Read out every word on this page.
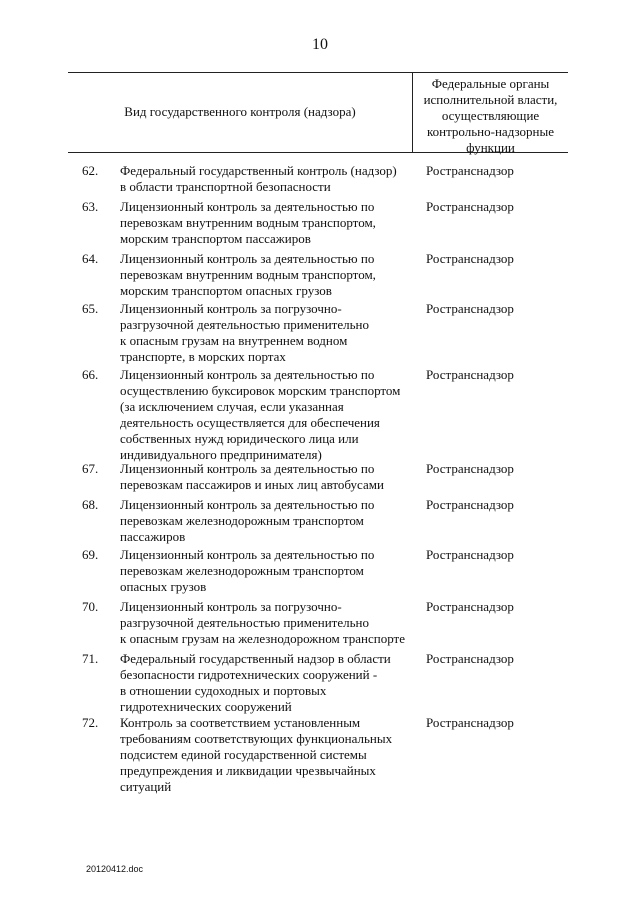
10
Вид государственного контроля (надзора)
Федеральные органы
исполнительной власти,
осуществляющие
контрольно-надзорные
функции
62.	Федеральный государственный контроль (надзор)
в области транспортной безопасности
Ространснадзор
63.	Лицензионный контроль за деятельностью по
перевозкам внутренним водным транспортом,
морским транспортом пассажиров
Ространснадзор
64.	Лицензионный контроль за деятельностью по
перевозкам внутренним водным транспортом,
морским транспортом опасных грузов
Ространснадзор
65.	Лицензионный контроль за погрузочно-
разгрузочной деятельностью применительно
к опасным грузам на внутреннем водном
транспорте, в морских портах
Ространснадзор
66.	Лицензионный контроль за деятельностью по
осуществлению буксировок морским транспортом
(за исключением случая, если указанная
деятельность осуществляется для обеспечения
собственных нужд юридического лица или
индивидуального предпринимателя)
Ространснадзор
67.	Лицензионный контроль за деятельностью по
перевозкам пассажиров и иных лиц автобусами
Ространснадзор
68.	Лицензионный контроль за деятельностью по
перевозкам железнодорожным транспортом
пассажиров
Ространснадзор
69.	Лицензионный контроль за деятельностью по
перевозкам железнодорожным транспортом
опасных грузов
Ространснадзор
70.	Лицензионный контроль за погрузочно-
разгрузочной деятельностью применительно
к опасным грузам на железнодорожном транспорте
Ространснадзор
71.	Федеральный государственный надзор в области
безопасности гидротехнических сооружений -
в отношении судоходных и портовых
гидротехнических сооружений
Ространснадзор
72.	Контроль за соответствием установленным
требованиям соответствующих функциональных
подсистем единой государственной системы
предупреждения и ликвидации чрезвычайных
ситуаций
Ространснадзор
20120412.doc
